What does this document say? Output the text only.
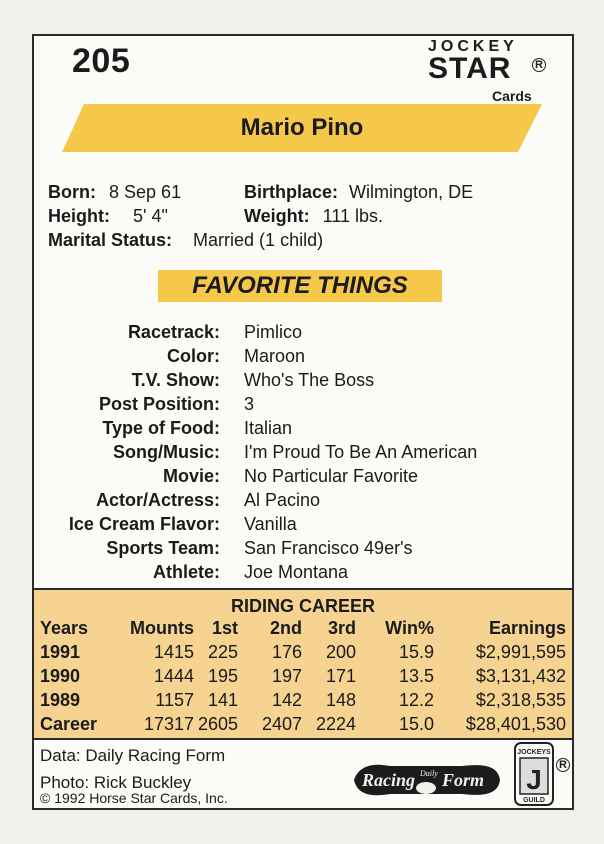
205	JOCKEY
STAR R
Cards
Mario Pino
Born: 8 Sep 61	Birthplace: Wilmington, DE
Height: 5' 4"	Weight: 111 lbs.
Marital Status: Married (1 child)
FAVORITE THINGS
Racetrack: Pimlico
Color: Maroon
T.V. Show: Who's The Boss
Post Position: 3
Type of Food: Italian
Song/Music: I'm Proud To Be An American
Movie: No Particular Favorite
Actor/Actress: Al Pacino
Ice Cream Flavor: Vanilla
Sports Team: San Francisco 49er's
Athlete: Joe Montana
RIDING CAREER
Years Mounts 1st 2nd 3rd Win%	Earnings
1991	1415 225 176 200 15.9 $2,991,595
1990	1444 195 197 171 13.5 $3,131,432
1989	1157 141 142 148 12.2 $2,318,535
Career	17317 2605 2407 2224 15.0 $28,401,530
Data: Daily Racing Form
Photo: Rick Buckley
© 1992 Horse Star Cards, Inc.
Racing Daily Form
JOCKEYS
J
GUILD
R
